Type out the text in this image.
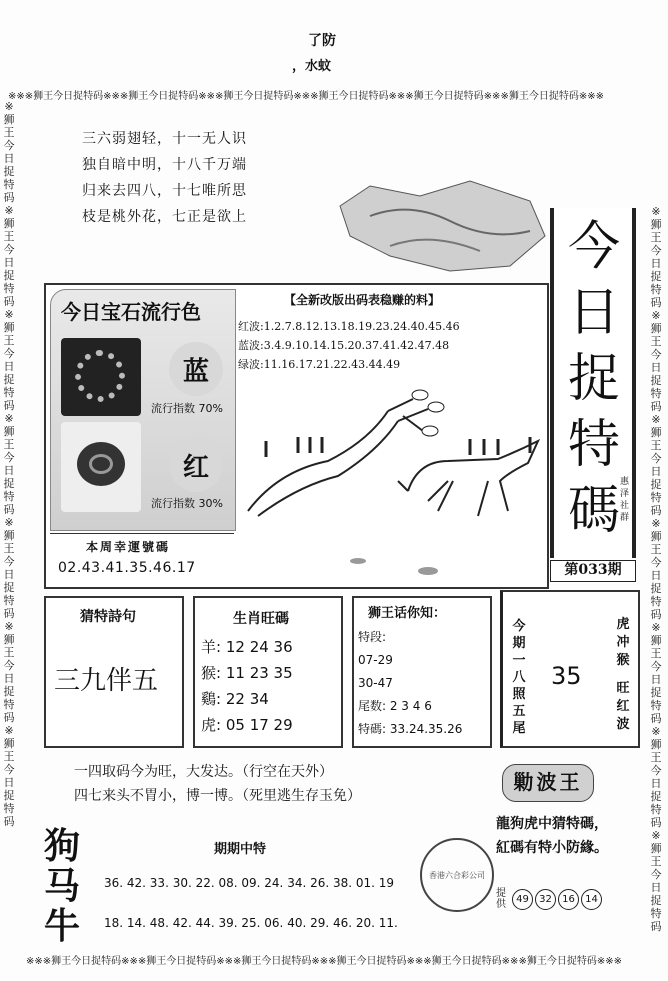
了防
，水蚊
※※※狮王今日捉特码※※※狮王今日捉特码※※※狮王今日捉特码※※※狮王今日捉特码※※※狮王今日捉特码※※※狮王今日捉特码※※※
※※※狮王今日捉特码※※※狮王今日捉特码※※※狮王今日捉特码※※※狮王今日捉特码※※※狮王今日捉特码※※※狮王今日捉特码※※※
※狮王今日捉特码※狮王今日捉特码※狮王今日捉特码※狮王今日捉特码※狮王今日捉特码※狮王今日捉特码※狮王今日捉特码
※狮王今日捉特码※狮王今日捉特码※狮王今日捉特码※狮王今日捉特码※狮王今日捉特码※狮王今日捉特码※狮王今日捉特码
三六弱翅轻，十一无人识
独自暗中明，十八千万端
归来去四八，十七唯所思
枝是桃外花，七正是欲上	今
日
捉
特
碼 惠泽社群
第033期
今日宝石流行色
蓝
流行指数 70%
红
流行指数 30%
本周幸運號碼
02.43.41.35.46.17
【全新改版出码表稳赚的料】
红波:1.2.7.8.12.13.18.19.23.24.40.45.46
蓝波:3.4.9.10.14.15.20.37.41.42.47.48
绿波:11.16.17.21.22.43.44.49
猜特詩句
三九伴五
生肖旺碼
羊: 12 24 36
猴: 11 23 35
鷄: 22 34
虎: 05 17 29
狮王话你知：
特段:
07-29
30-47
尾数: 2 3 4 6
特碼: 33.24.35.26
今
期
一
八
照
五
尾
35
虎
冲
猴
旺
红
波
一四取码今为旺，大发达。（行空在天外）
四七来头不胃小，博一博。（死里逃生存玉免）
勦波王
龍狗虎中猜特碼，
紅碼有特小防緣。
香港六合彩公司
提供	49	32	16	14
狗
马
牛
期期中特
36. 42. 33. 30. 22. 08. 09. 24. 34. 26. 38. 01. 19
18. 14. 48. 42. 44. 39. 25. 06. 40. 29. 46. 20. 11.
